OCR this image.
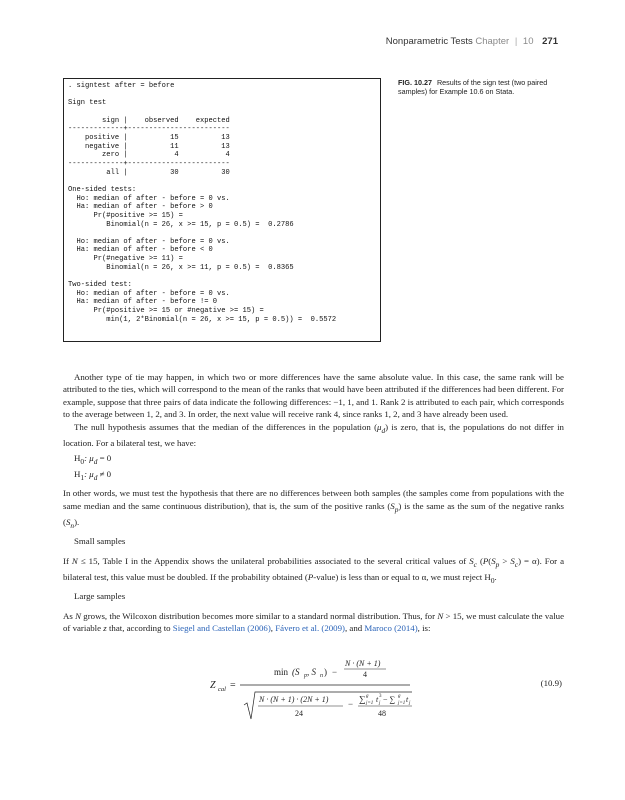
Nonparametric Tests Chapter | 10 271
. signtest after = before

Sign test

sign |    observed    expected
-------------+------------------------
positive |          15          13
negative |          11          13
zero |           4           4
-------------+------------------------
all |          30          30

One-sided tests:
Ho: median of after - before = 0 vs.
Ha: median of after - before > 0
Pr(#positive >= 15) =
Binomial(n = 26, x >= 15, p = 0.5) =  0.2786

Ho: median of after - before = 0 vs.
Ha: median of after - before < 0
Pr(#negative >= 11) =
Binomial(n = 26, x >= 11, p = 0.5) =  0.8365

Two-sided test:
Ho: median of after - before = 0 vs.
Ha: median of after - before != 0
Pr(#positive >= 15 or #negative >= 15) =
min(1, 2*Binomial(n = 26, x >= 15, p = 0.5)) =  0.5572
FIG. 10.27 Results of the sign test (two paired samples) for Example 10.6 on Stata.

Another type of tie may happen, in which two or more differences have the same absolute value. In this case, the same rank will be attributed to the ties, which will correspond to the mean of the ranks that would have been attributed if the differences had been different. For example, suppose that three pairs of data indicate the following differences: −1, 1, and 1. Rank 2 is attributed to each pair, which corresponds to the average between 1, 2, and 3. In order, the next value will receive rank 4, since ranks 1, 2, and 3 have already been used.

The null hypothesis assumes that the median of the differences in the population $(\mu_d)$ is zero, that is, the populations do not differ in location. For a bilateral test, we have:

$H_0$: $\mu_d = 0$
$H_1$: $\mu_d \ne 0$

In other words, we must test the hypothesis that there are no differences between both samples (the samples come from populations with the same median and the same continuous distribution), that is, the sum of the positive ranks $(S_p)$ is the same as the sum of the negative ranks $(S_n)$.

Small samples

If N ≤ 15, Table I in the Appendix shows the unilateral probabilities associated to the several critical values of $S_c$ $(P(S_p > S_c) = \alpha)$. For a bilateral test, this value must be doubled. If the probability obtained (P-value) is less than or equal to α, we must reject $H_0$.

Large samples

As N grows, the Wilcoxon distribution becomes more similar to a standard normal distribution. Thus, for N > 15, we must calculate the value of variable z that, according to Siegel and Castellan (2006), Fávero et al. (2009), and Maroco (2014), is:

Z cal =
min (S p , S n ) −
N · (N + 1)
4
N · (N + 1) · (2N + 1)
24
− ∑ g
j=1 t 3
j − ∑ g
j=1 t j
48
(10.9)
